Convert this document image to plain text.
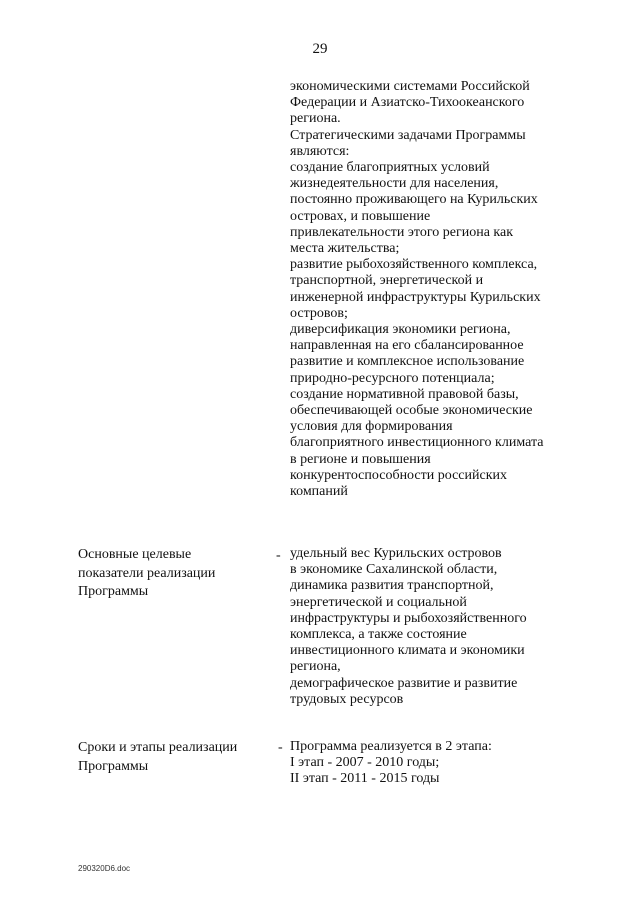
29
экономическими системами Российской
Федерации и Азиатско-Тихоокеанского
региона.
Стратегическими задачами Программы
являются:
создание благоприятных условий
жизнедеятельности для населения,
постоянно проживающего на Курильских
островах, и повышение
привлекательности этого региона как
места жительства;
развитие рыбохозяйственного комплекса,
транспортной, энергетической и
инженерной инфраструктуры Курильских
островов;
диверсификация экономики региона,
направленная на его сбалансированное
развитие и комплексное использование
природно-ресурсного потенциала;
создание нормативной правовой базы,
обеспечивающей особые экономические
условия для формирования
благоприятного инвестиционного климата
в регионе и повышения
конкурентоспособности российских
компаний
Основные целевые
показатели реализации
Программы
- удельный вес Курильских островов
в экономике Сахалинской области,
динамика развития транспортной,
энергетической и социальной
инфраструктуры и рыбохозяйственного
комплекса, а также состояние
инвестиционного климата и экономики
региона,
демографическое развитие и развитие
трудовых ресурсов
Сроки и этапы реализации
Программы
- Программа реализуется в 2 этапа:
I этап - 2007 - 2010 годы;
II этап - 2011 - 2015 годы
290320D6.doc
